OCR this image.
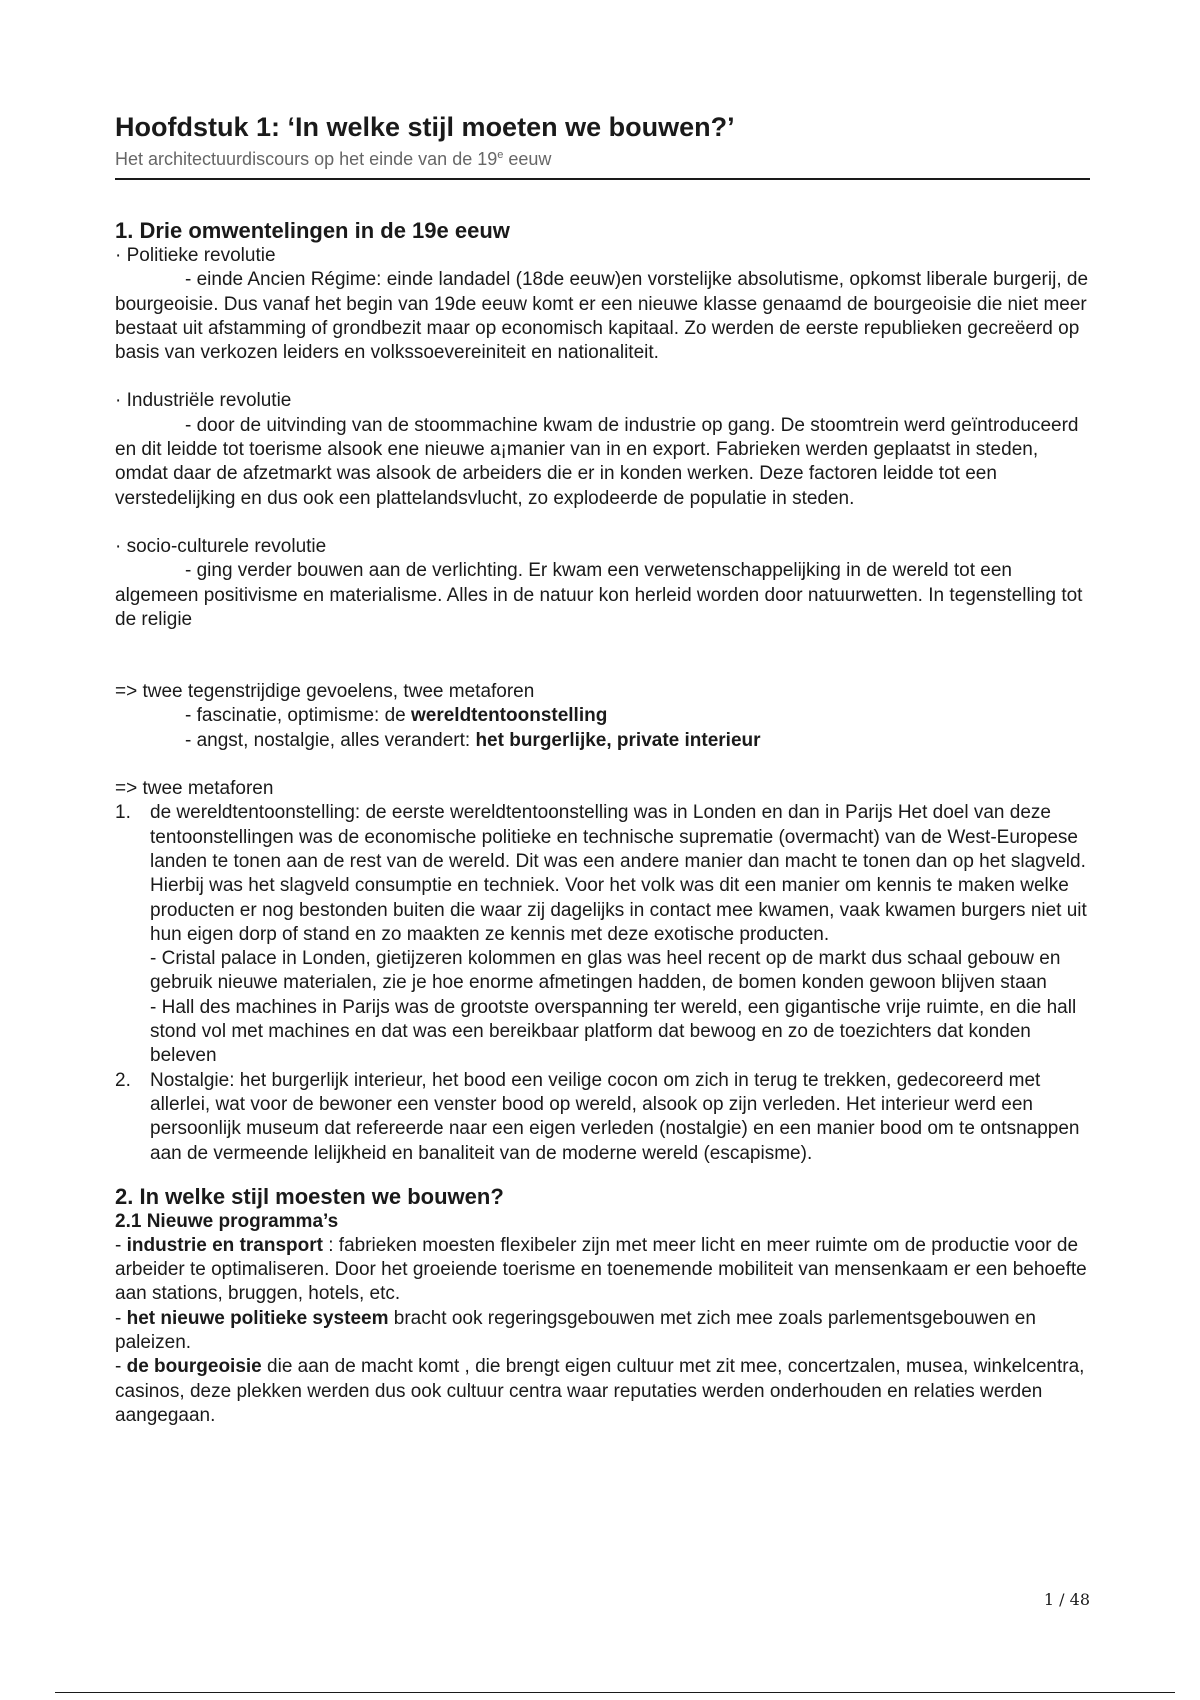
Hoofdstuk 1: ‘In welke stijl moeten we bouwen?’
Het architectuurdiscours op het einde van de 19e eeuw
1. Drie omwentelingen in de 19e eeuw

· Politieke revolutie

- einde Ancien Régime: einde landadel (18de eeuw)en vorstelijke absolutisme, opkomst liberale burgerij, de bourgeoisie. Dus vanaf het begin van 19de eeuw komt er een nieuwe klasse genaamd de bourgeoisie die niet meer bestaat uit afstamming of grondbezit maar op economisch kapitaal. Zo werden de eerste republieken gecreëerd op basis van verkozen leiders en volkssoevereiniteit en nationaliteit.

· Industriële revolutie

- door de uitvinding van de stoommachine kwam de industrie op gang. De stoomtrein werd geïntroduceerd en dit leidde tot toerisme alsook ene nieuwe a¡manier van in en export. Fabrieken werden geplaatst in steden, omdat daar de afzetmarkt was alsook de arbeiders die er in konden werken. Deze factoren leidde tot een verstedelijking en dus ook een plattelandsvlucht, zo explodeerde de populatie in steden.

· socio-culturele revolutie

- ging verder bouwen aan de verlichting. Er kwam een verwetenschappelijking in de wereld tot een algemeen positivisme en materialisme. Alles in de natuur kon herleid worden door natuurwetten. In tegenstelling tot de religie

=> twee tegenstrijdige gevoelens, twee metaforen

- fascinatie, optimisme: de wereldtentoonstelling

- angst, nostalgie, alles verandert: het burgerlijke, private interieur

=> twee metaforen

1. de wereldtentoonstelling: de eerste wereldtentoonstelling was in Londen en dan in Parijs Het doel van deze tentoonstellingen was de economische politieke en technische suprematie (overmacht) van de West-Europese landen te tonen aan de rest van de wereld. Dit was een andere manier dan macht te tonen dan op het slagveld. Hierbij was het slagveld consumptie en techniek. Voor het volk was dit een manier om kennis te maken welke producten er nog bestonden buiten die waar zij dagelijks in contact mee kwamen, vaak kwamen burgers niet uit hun eigen dorp of stand en zo maakten ze kennis met deze exotische producten.
- Cristal palace in Londen, gietijzeren kolommen en glas was heel recent op de markt dus schaal gebouw en gebruik nieuwe materialen, zie je hoe enorme afmetingen hadden, de bomen konden gewoon blijven staan
- Hall des machines in Parijs was de grootste overspanning ter wereld, een gigantische vrije ruimte, en die hall stond vol met machines en dat was een bereikbaar platform dat bewoog en zo de toezichters dat konden beleven
2. Nostalgie: het burgerlijk interieur, het bood een veilige cocon om zich in terug te trekken, gedecoreerd met allerlei, wat voor de bewoner een venster bood op wereld, alsook op zijn verleden. Het interieur werd een persoonlijk museum dat refereerde naar een eigen verleden (nostalgie) en een manier bood om te ontsnappen aan de vermeende lelijkheid en banaliteit van de moderne wereld (escapisme).
2. In welke stijl moesten we bouwen?
2.1 Nieuwe programma’s

- industrie en transport : fabrieken moesten flexibeler zijn met meer licht en meer ruimte om de productie voor de arbeider te optimaliseren. Door het groeiende toerisme en toenemende mobiliteit van mensenkaam er een behoefte aan stations, bruggen, hotels, etc.

- het nieuwe politieke systeem bracht ook regeringsgebouwen met zich mee zoals parlementsgebouwen en paleizen.

- de bourgeoisie die aan de macht komt , die brengt eigen cultuur met zit mee, concertzalen, musea, winkelcentra, casinos, deze plekken werden dus ook cultuur centra waar reputaties werden onderhouden en relaties werden aangegaan.

1 / 48
